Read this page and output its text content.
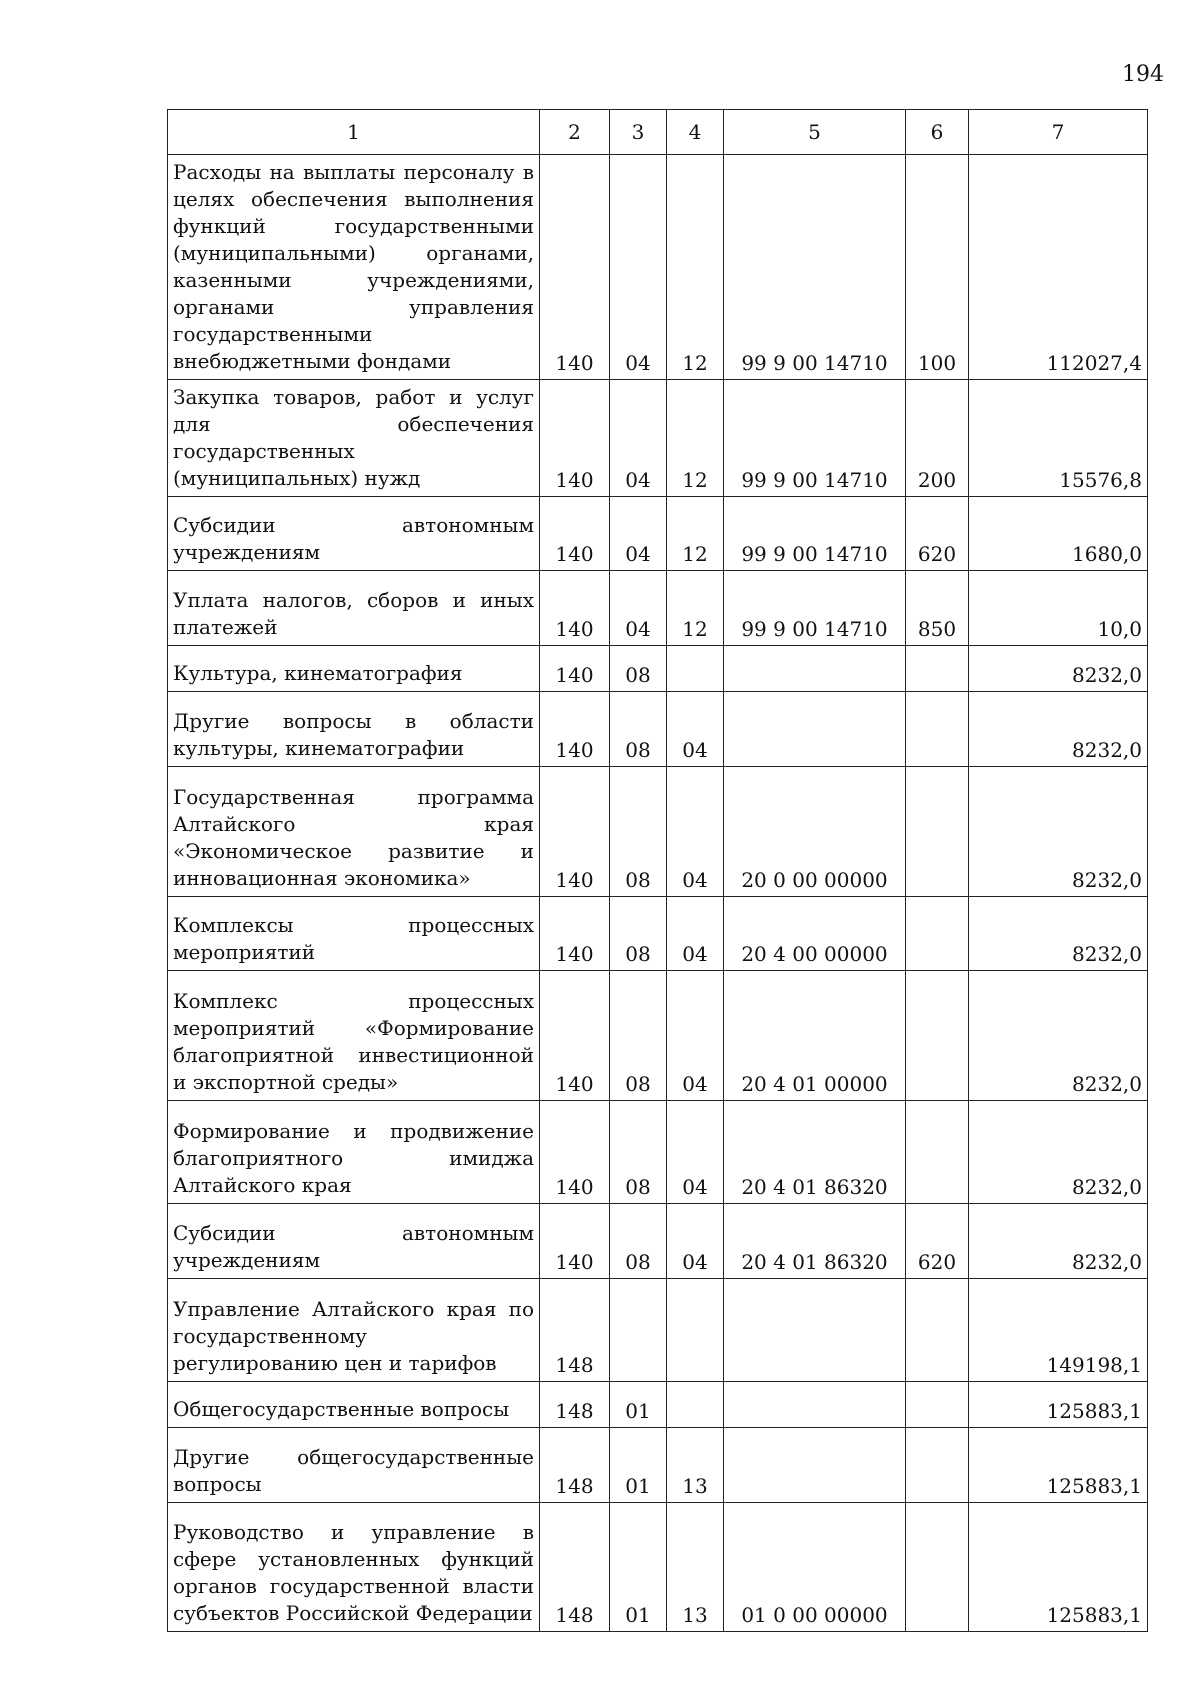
194
1	2	3	4	5	6	7
Расходы на выплаты персоналу в целях обеспечения выполнения функций государственными (муниципальными) органами, казенными учреждениями, органами управления государственными внебюджетными фондами	140	04	12	99 9 00 14710	100	112027,4
Закупка товаров, работ и услуг для обеспечения государственных (муниципальных) нужд	140	04	12	99 9 00 14710	200	15576,8
Субсидии автономным учреждениям	140	04	12	99 9 00 14710	620	1680,0
Уплата налогов, сборов и иных платежей	140	04	12	99 9 00 14710	850	10,0
Культура, кинематография	140	08				8232,0
Другие вопросы в области культуры, кинематографии	140	08	04			8232,0
Государственная программа Алтайского края «Экономическое развитие и инновационная экономика»	140	08	04	20 0 00 00000		8232,0
Комплексы процессных мероприятий	140	08	04	20 4 00 00000		8232,0
Комплекс процессных мероприятий «Формирование благоприятной инвестиционной и экспортной среды»	140	08	04	20 4 01 00000		8232,0
Формирование и продвижение благоприятного имиджа Алтайского края	140	08	04	20 4 01 86320		8232,0
Субсидии автономным учреждениям	140	08	04	20 4 01 86320	620	8232,0
Управление Алтайского края по государственному регулированию цен и тарифов	148					149198,1
Общегосударственные вопросы	148	01				125883,1
Другие общегосударственные вопросы	148	01	13			125883,1
Руководство и управление в сфере установленных функций органов государственной власти субъектов Российской Федерации	148	01	13	01 0 00 00000		125883,1
